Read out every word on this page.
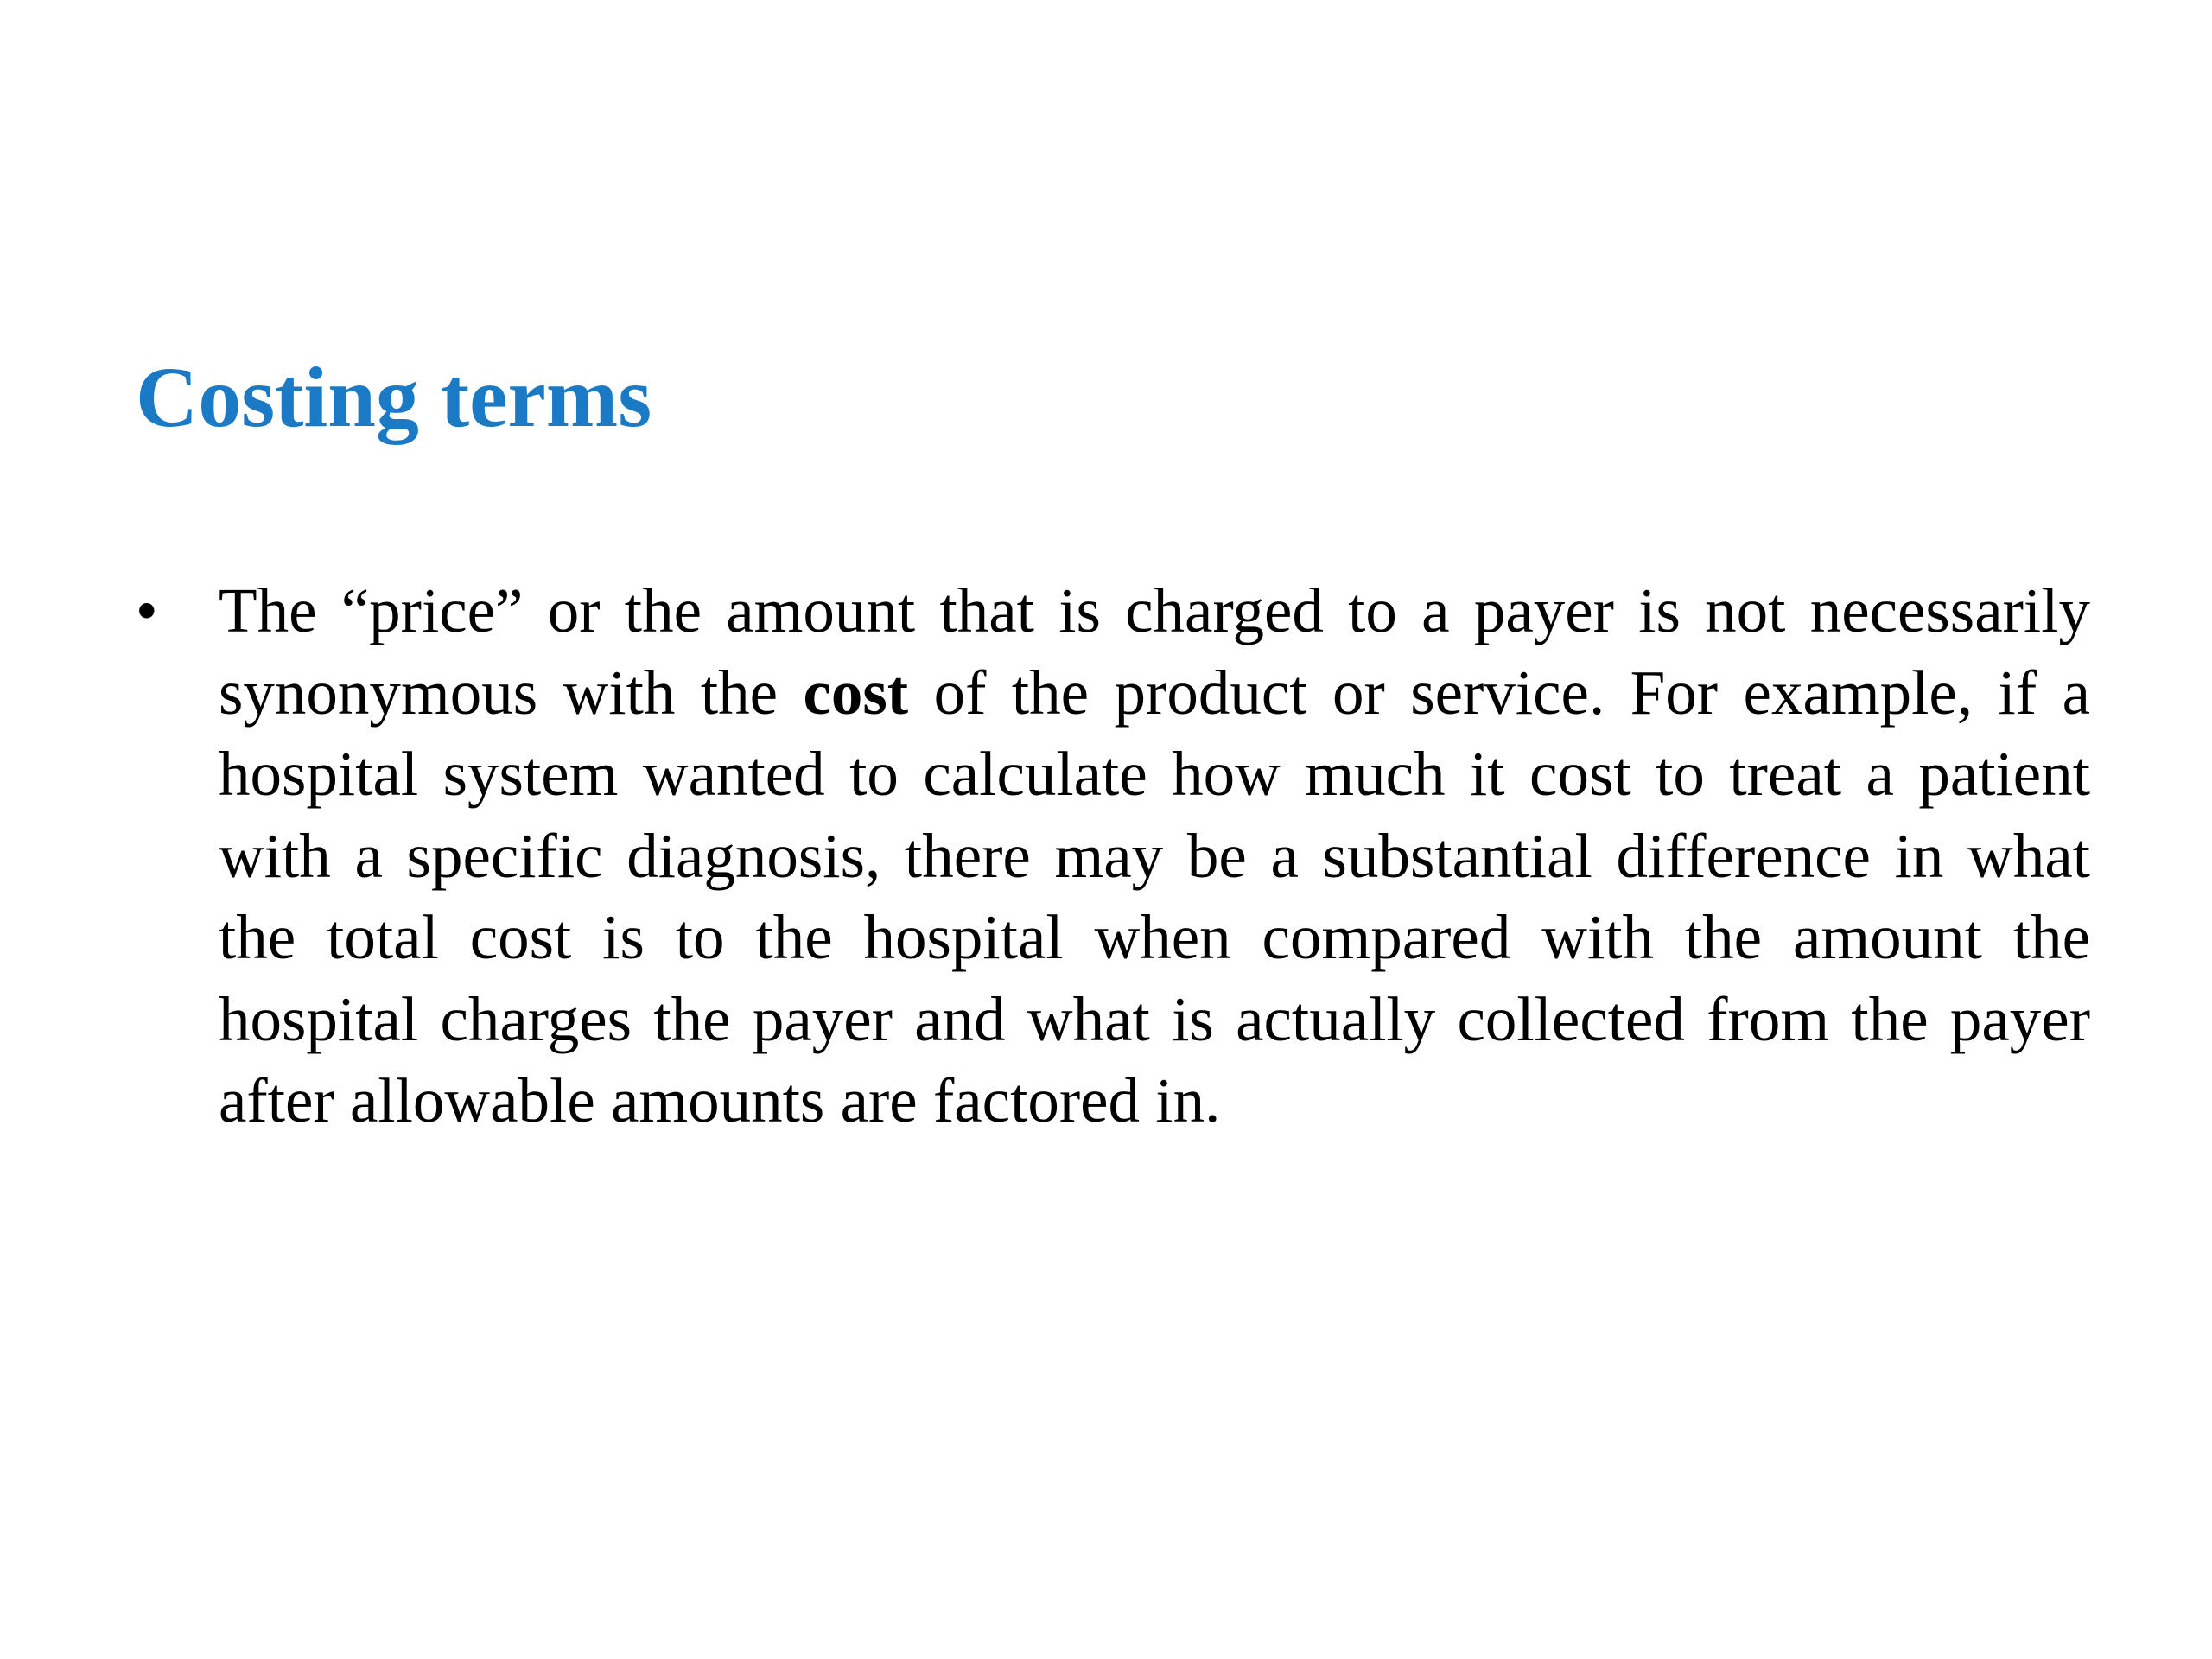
Costing terms
• The “price” or the amount that is charged to a payer is not necessarily synonymous with the cost of the product or service. For example, if a hospital system wanted to calculate how much it cost to treat a patient with a specific diagnosis, there may be a substantial difference in what the total cost is to the hospital when compared with the amount the hospital charges the payer and what is actually collected from the payer after allowable amounts are factored in.
